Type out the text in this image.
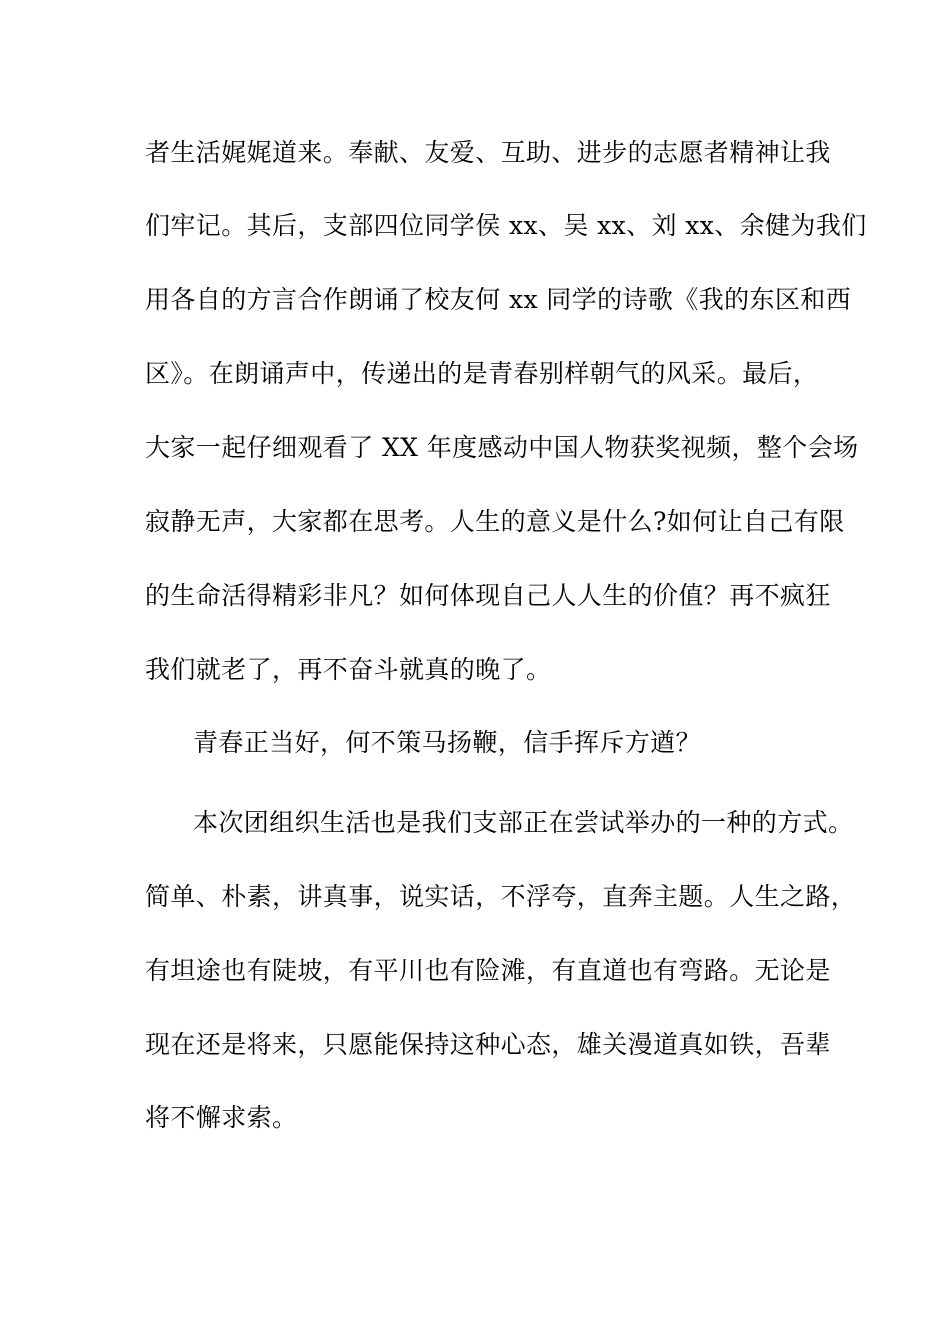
者生活娓娓道来。奉献、友爱、互助、进步的志愿者精神让我
们牢记。其后，支部四位同学侯 xx、吴 xx、刘 xx、余健为我们
用各自的方言合作朗诵了校友何 xx 同学的诗歌《我的东区和西
区》。在朗诵声中，传递出的是青春别样朝气的风采。最后，
大家一起仔细观看了 XX 年度感动中国人物获奖视频，整个会场
寂静无声，大家都在思考。人生的意义是什么?如何让自己有限
的生命活得精彩非凡？如何体现自己人人生的价值？再不疯狂
我们就老了，再不奋斗就真的晚了。
青春正当好，何不策马扬鞭，信手挥斥方遒？
本次团组织生活也是我们支部正在尝试举办的一种的方式。
简单、朴素，讲真事，说实话，不浮夸，直奔主题。人生之路，
有坦途也有陡坡，有平川也有险滩，有直道也有弯路。无论是
现在还是将来，只愿能保持这种心态，雄关漫道真如铁，吾辈
将不懈求索。
